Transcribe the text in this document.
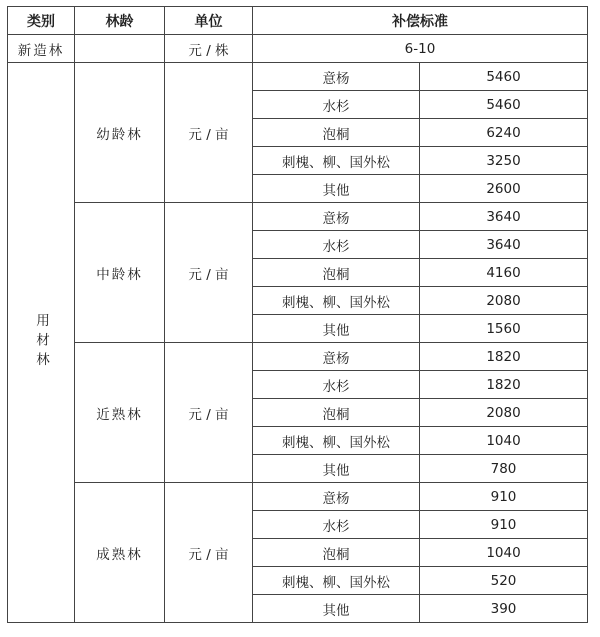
类别	林龄	单位	补偿标准	
新造林		元 / 株	6-10	
用材林	幼龄林	元 / 亩	意杨	5460
			水杉	5460
			泡桐	6240
			刺槐、柳、国外松	3250
			其他	2600
	中龄林	元 / 亩	意杨	3640
			水杉	3640
			泡桐	4160
			刺槐、柳、国外松	2080
			其他	1560
	近熟林	元 / 亩	意杨	1820
			水杉	1820
			泡桐	2080
			刺槐、柳、国外松	1040
			其他	780
	成熟林	元 / 亩	意杨	910
			水杉	910
			泡桐	1040
			刺槐、柳、国外松	520
			其他	390
